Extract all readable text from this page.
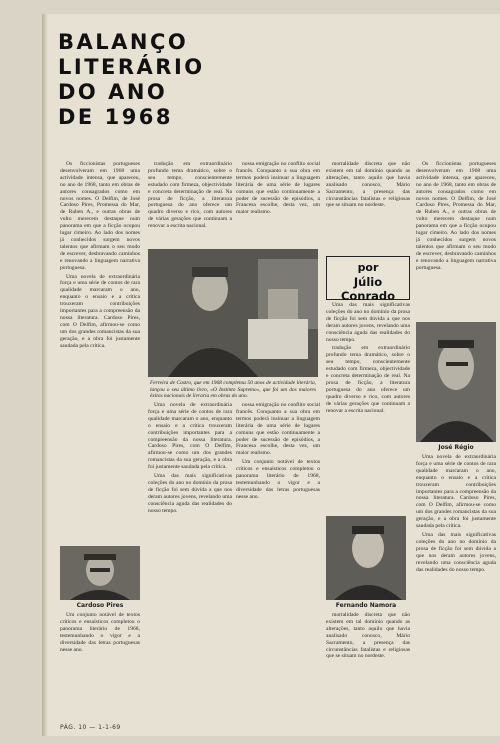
BALANÇO
LITERÁRIO
DO ANO
DE 1968

Os ficcionistas portugueses desenvolveram em 1968 uma actividade intensa, que apareceu, no ano de 1968, tanto em obras de autores consagrados como em novos nomes. O Delfim, de José Cardoso Pires, Promessa do Mar, de Ruben A., e outras obras de vulto merecem destaque num panorama em que a ficção ocupou lugar cimeiro. Ao lado dos nomes já conhecidos surgem novos talentos que afirmam o seu modo de escrever, desbravando caminhos e renovando a linguagem narrativa portuguesa.

Uma novela de extraordinária força e uma série de contos de rara qualidade marcaram o ano, enquanto o ensaio e a crítica trouxeram contribuições importantes para a compreensão da nossa literatura. Cardoso Pires, com O Delfim, afirmou-se como um dos grandes romancistas da sua geração, e a obra foi justamente saudada pela crítica.

Cardoso Pires

Um conjunto notável de textos críticos e ensaísticos completou o panorama literário de 1968, testemunhando o vigor e a diversidade das letras portuguesas nesse ano.

tradução em extraordinário profundo tema dramático, sobre o seu tempo, conscientemente estudado com firmeza, objectividade e concreta determinação de real. Na prosa de ficção, a literatura portuguesa do ano oferece um quadro diverso e rico, com autores de várias gerações que continuam a renovar a escrita nacional.

nossa emigração no conflito social francês. Conquanto a sua obra em termos poderá insinuar a linguagem literária de uma série de lugares comuns que estão continuamente a poder de sucessão de episódios, a Francesa escolhe, desta vez, um maior realismo.

Ferreira de Castro, que em 1968 completou 50 anos de actividade literária, lançou o seu último livro, «O Instinto Supremo», que foi um dos maiores êxitos nacionais de livraria em obras do ano.

Uma novela de extraordinária força e uma série de contos de rara qualidade marcaram o ano, enquanto o ensaio e a crítica trouxeram contribuições importantes para a compreensão da nossa literatura. Cardoso Pires, com O Delfim, afirmou-se como um dos grandes romancistas da sua geração, e a obra foi justamente saudada pela crítica.

Uma das mais significativas coleções do ano no domínio da prosa de ficção foi sem dúvida a que nos deram autores jovens, revelando uma consciência aguda das realidades do nosso tempo.

nossa emigração no conflito social francês. Conquanto a sua obra em termos poderá insinuar a linguagem literária de uma série de lugares comuns que estão continuamente a poder de sucessão de episódios, a Francesa escolhe, desta vez, um maior realismo.

Um conjunto notável de textos críticos e ensaísticos completou o panorama literário de 1968, testemunhando o vigor e a diversidade das letras portuguesas nesse ano.

mortalidade discreta que não existem em tal domínio quando as alterações, tanto aquilo que havia analisado conosco, Mário Sacramento, a presença das circunstâncias fatalistas e religiosas que se situam no nordeste.

por
Júlio Conrado

Uma das mais significativas coleções do ano no domínio da prosa de ficção foi sem dúvida a que nos deram autores jovens, revelando uma consciência aguda das realidades do nosso tempo.

tradução em extraordinário profundo tema dramático, sobre o seu tempo, conscientemente estudado com firmeza, objectividade e concreta determinação de real. Na prosa de ficção, a literatura portuguesa do ano oferece um quadro diverso e rico, com autores de várias gerações que continuam a renovar a escrita nacional.

Fernando Namora

mortalidade discreta que não existem em tal domínio quando as alterações, tanto aquilo que havia analisado conosco, Mário Sacramento, a presença das circunstâncias fatalistas e religiosas que se situam no nordeste.

Os ficcionistas portugueses desenvolveram em 1968 uma actividade intensa, que apareceu, no ano de 1968, tanto em obras de autores consagrados como em novos nomes. O Delfim, de José Cardoso Pires, Promessa do Mar, de Ruben A., e outras obras de vulto merecem destaque num panorama em que a ficção ocupou lugar cimeiro. Ao lado dos nomes já conhecidos surgem novos talentos que afirmam o seu modo de escrever, desbravando caminhos e renovando a linguagem narrativa portuguesa.

José Régio

Uma novela de extraordinária força e uma série de contos de rara qualidade marcaram o ano, enquanto o ensaio e a crítica trouxeram contribuições importantes para a compreensão da nossa literatura. Cardoso Pires, com O Delfim, afirmou-se como um dos grandes romancistas da sua geração, e a obra foi justamente saudada pela crítica.

Uma das mais significativas coleções do ano no domínio da prosa de ficção foi sem dúvida a que nos deram autores jovens, revelando uma consciência aguda das realidades do nosso tempo.

PÁG. 10 — 1-1-69
